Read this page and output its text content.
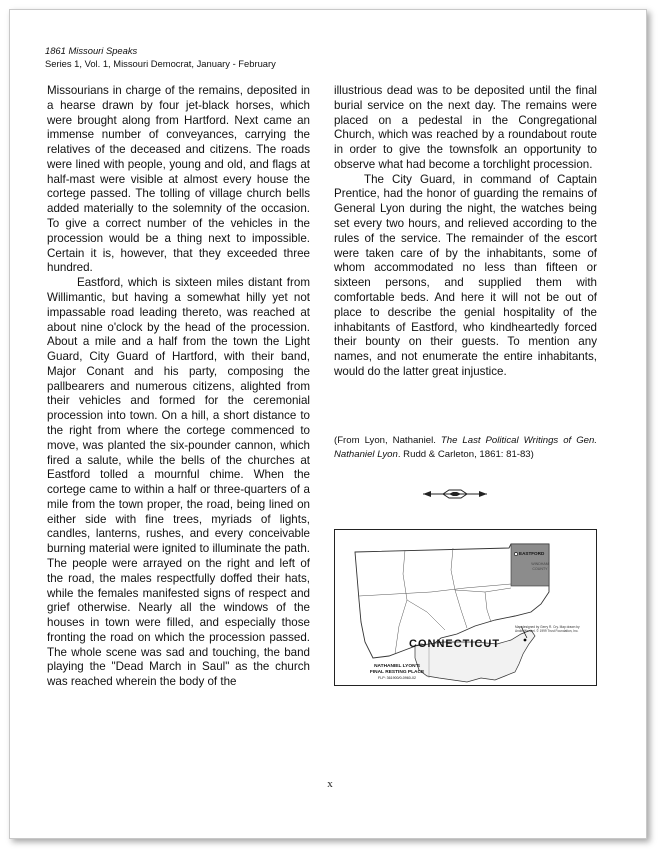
1861 Missouri Speaks
Series 1, Vol. 1, Missouri Democrat, January - February

Missourians in charge of the remains, deposited in a hearse drawn by four jet-black horses, which were brought along from Hartford. Next came an immense number of conveyances, carrying the relatives of the deceased and citizens. The roads were lined with people, young and old, and flags at half-mast were visible at almost every house the cortege passed. The tolling of village church bells added materially to the solemnity of the occasion. To give a correct number of the vehicles in the procession would be a thing next to impossible. Certain it is, however, that they exceeded three hundred.

Eastford, which is sixteen miles distant from Willimantic, but having a somewhat hilly yet not impassable road leading thereto, was reached at about nine o'clock by the head of the procession. About a mile and a half from the town the Light Guard, City Guard of Hartford, with their band, Major Conant and his party, composing the pallbearers and numerous citizens, alighted from their vehicles and formed for the ceremonial procession into town. On a hill, a short distance to the right from where the cortege commenced to move, was planted the six-pounder cannon, which fired a salute, while the bells of the churches at Eastford tolled a mournful chime. When the cortege came to within a half or three-quarters of a mile from the town proper, the road, being lined on either side with fine trees, myriads of lights, candles, lanterns, rushes, and every conceivable burning material were ignited to illuminate the path. The people were arrayed on the right and left of the road, the males respectfully doffed their hats, while the females manifested signs of respect and grief otherwise. Nearly all the windows of the houses in town were filled, and especially those fronting the road on which the procession passed. The whole scene was sad and touching, the band playing the "Dead March in Saul" as the church was reached wherein the body of the

illustrious dead was to be deposited until the final burial service on the next day. The remains were placed on a pedestal in the Congregational Church, which was reached by a roundabout route in order to give the townsfolk an opportunity to observe what had become a torchlight procession.

The City Guard, in command of Captain Prentice, had the honor of guarding the remains of General Lyon during the night, the watches being set every two hours, and relieved according to the rules of the service. The remainder of the escort were taken care of by the inhabitants, some of whom accommodated no less than fifteen or sixteen persons, and supplied them with comfortable beds. And here it will not be out of place to describe the genial hospitality of the inhabitants of Eastford, who kindheartedly forced their bounty on their guests. To mention any names, and not enumerate the entire inhabitants, would do the latter great injustice.

(From Lyon, Nathaniel. The Last Political Writings of Gen. Nathaniel Lyon. Rudd & Carleton, 1861: 81-83)
EASTFORD
WINDHAM COUNTY
Map designed by Gerry R. Cry. Map drawn by Andie Wenzel. © 1999 Trust Foundation, Inc.
CONNECTICUT
NATHANIEL LYON'S FINAL RESTING PLACE
FLP: 361900/0-0960-02
x
